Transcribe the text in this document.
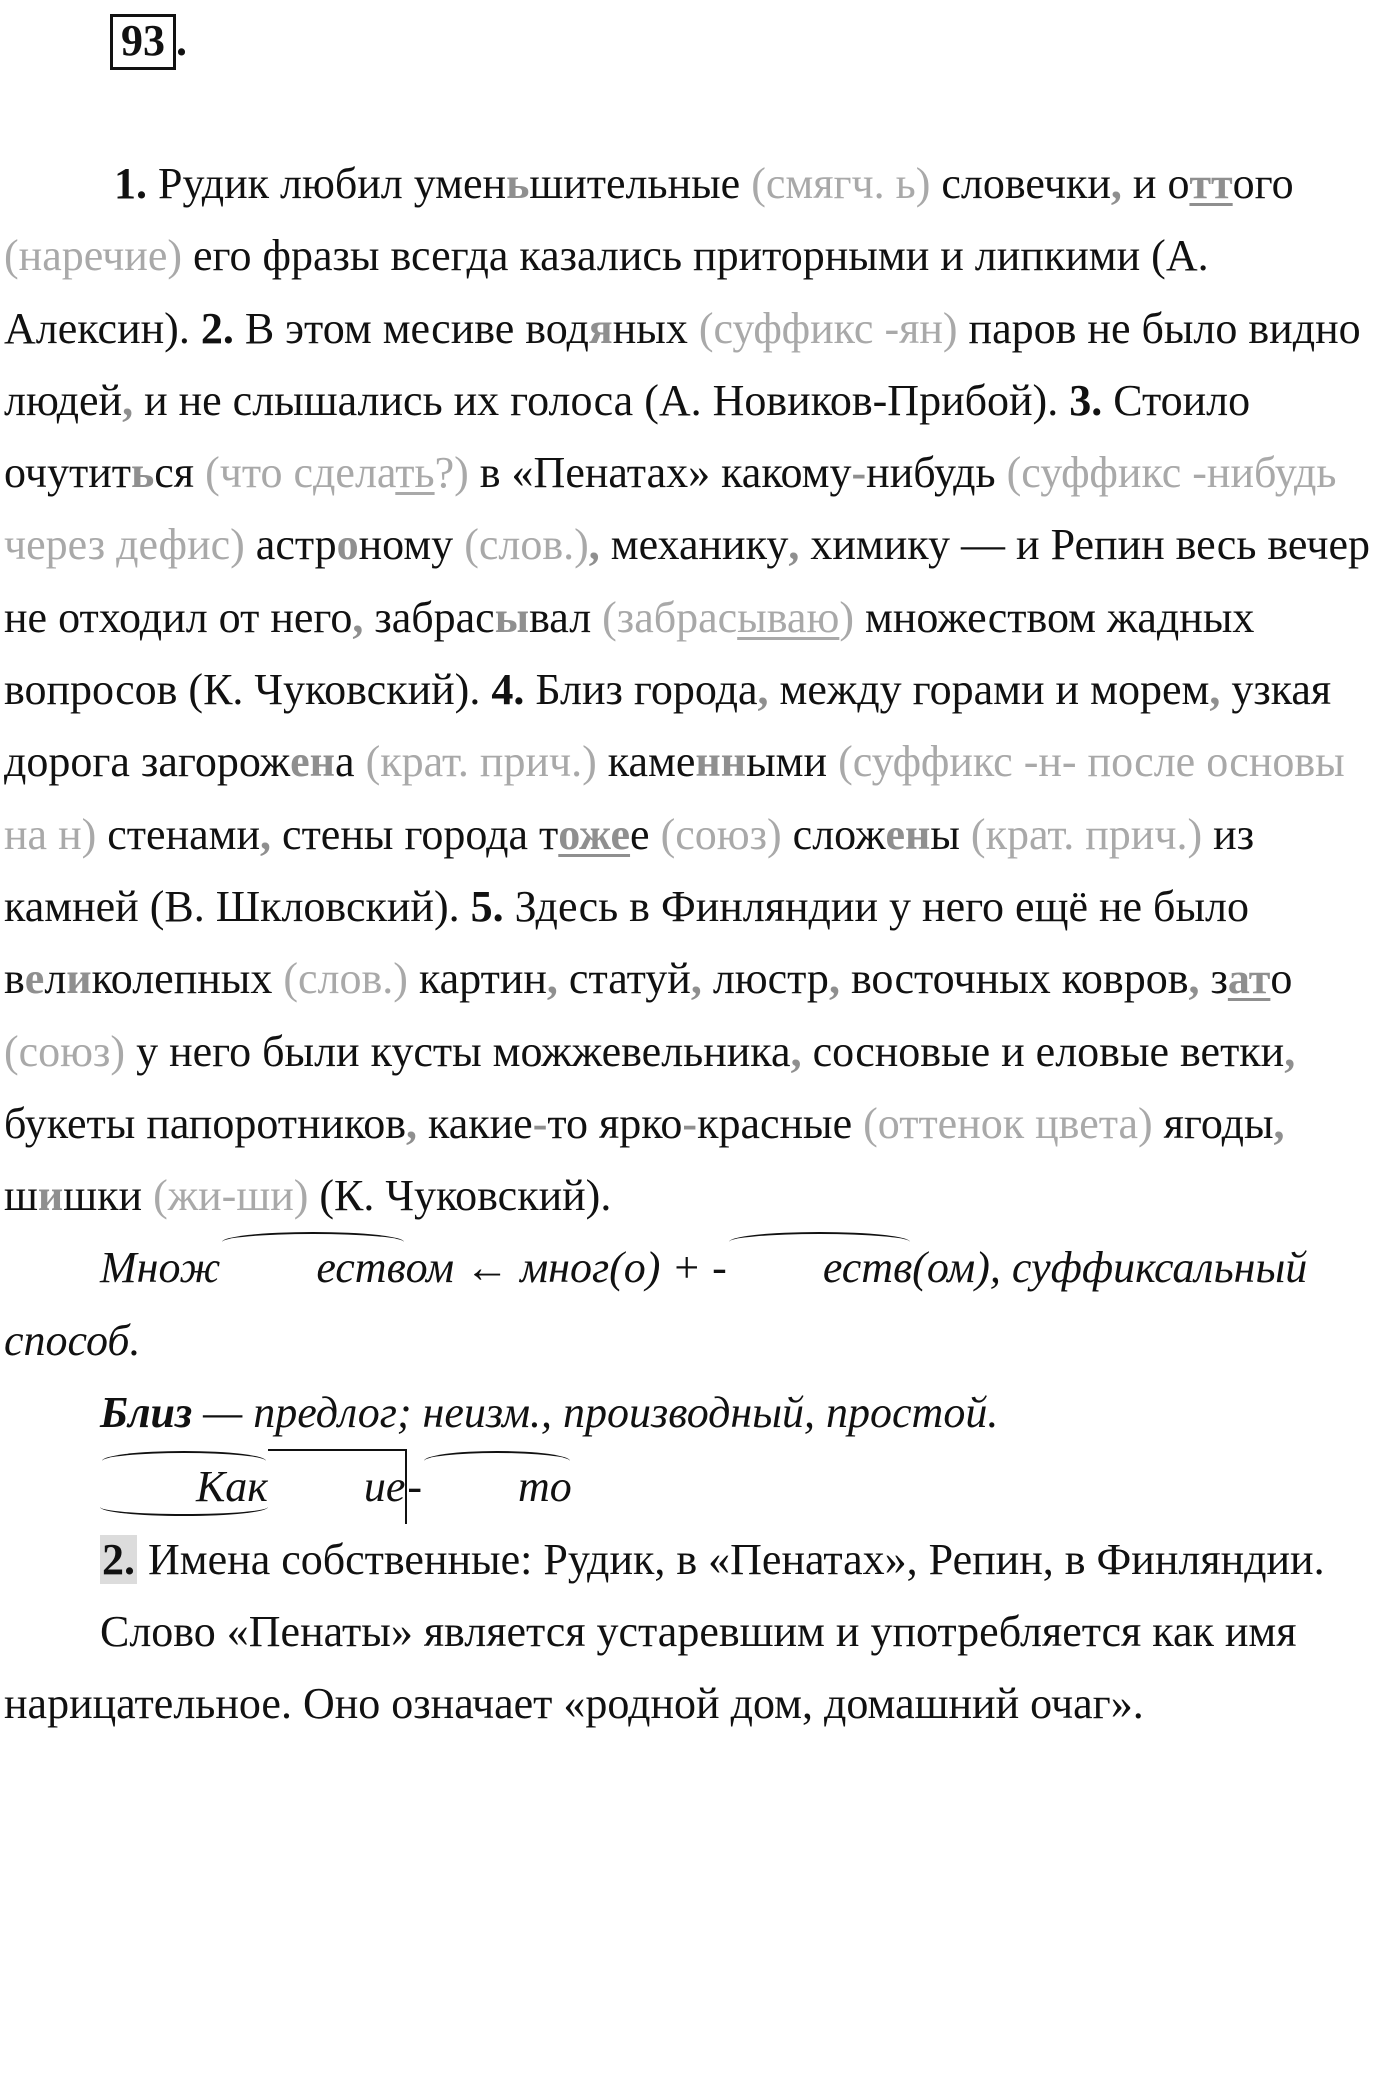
93 .

1. Рудик любил уменьшительные (смягч. ь) словечки, и оттого (наречие) его фразы всегда казались приторными и липкими (А. Алексин). 2. В этом месиве водяных (суффикс -ян) паров не было видно людей, и не слышались их голоса (А. Новиков-Прибой). 3. Стоило очутиться (что сделать?) в «Пенатах» какому-нибудь (суффикс -нибудь через дефис) астроному (слов.), механику, химику — и Репин весь вечер не отходил от него, забрасывал (забрасываю) множеством жадных вопросов (К. Чуковский). 4. Близ города, между горами и морем, узкая дорога загорожена (крат. прич.) каменными (суффикс -н- после основы на н) стенами, стены города тожее (союз) сложены (крат. прич.) из камней (В. Шкловский). 5. Здесь в Финляндии у него ещё не было великолепных (слов.) картин, статуй, люстр, восточных ковров, зато (союз) у него были кусты можжевельника, сосновые и еловые ветки, букеты папоротников, какие-то ярко-красные (оттенок цвета) ягоды, шишки (жи-ши) (К. Чуковский).

Множ еством ← мног(о) + - еств(ом), суффиксальный способ.

Близ — предлог; неизм., производный, простой.

Как ие- то

2. Имена собственные: Рудик, в «Пенатах», Репин, в Финляндии.

Слово «Пенаты» является устаревшим и употребляется как имя нарицательное. Оно означает «родной дом, домашний очаг».
